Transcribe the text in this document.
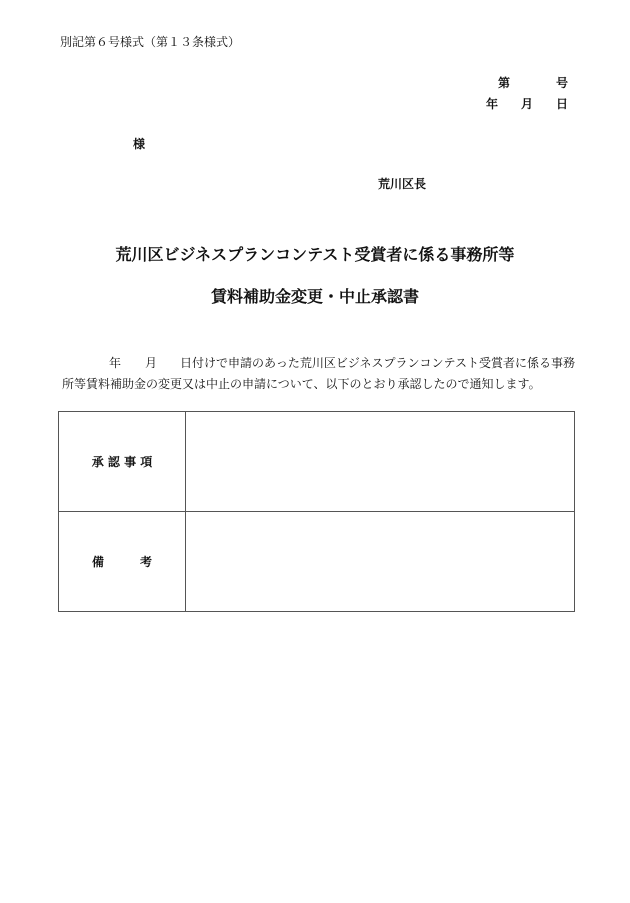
別記第６号様式（第１３条様式）
第	号
年 月 日
様
荒川区長
荒川区ビジネスプランコンテスト受賞者に係る事務所等
賃料補助金変更・中止承認書
年 月 日付けで申請のあった荒川区ビジネスプランコンテスト受賞者に係る事務
所等賃料補助金の変更又は中止の申請について、以下のとおり承認したので通知します。
承 認 事 項	
備　　　考	
